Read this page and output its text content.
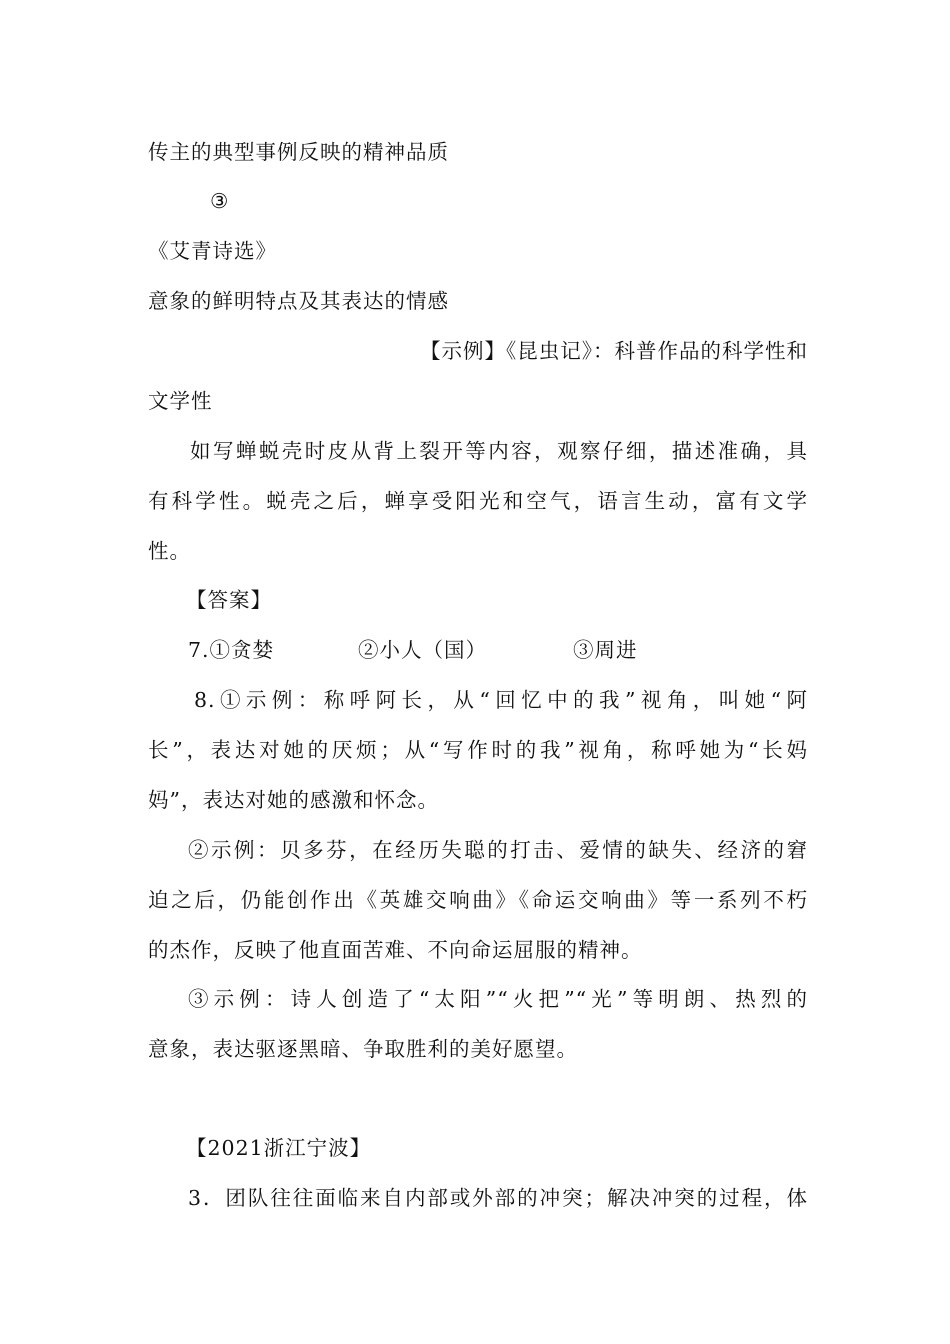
传主的典型事例反映的精神品质
③
《艾青诗选》
意象的鲜明特点及其表达的情感
【示例】《昆虫记》：科普作品的科学性和
文学性
如写蝉蜕壳时皮从背上裂开等内容，观察仔细，描述准确，具
有科学性。蜕壳之后，蝉享受阳光和空气，语言生动，富有文学
性。
【答案】
7.①贪婪	②小人（国）	③周进
8.①示例：称呼阿长，从“回忆中的我”视角，叫她“阿
长”，表达对她的厌烦；从“写作时的我”视角，称呼她为“长妈
妈”，表达对她的感激和怀念。
②示例：贝多芬，在经历失聪的打击、爱情的缺失、经济的窘
迫之后，仍能创作出《英雄交响曲》《命运交响曲》等一系列不朽
的杰作，反映了他直面苦难、不向命运屈服的精神。
③示例：诗人创造了“太阳”“火把”“光”等明朗、热烈的
意象，表达驱逐黑暗、争取胜利的美好愿望。
【2021浙江宁波】
3．团队往往面临来自内部或外部的冲突；解决冲突的过程，体
